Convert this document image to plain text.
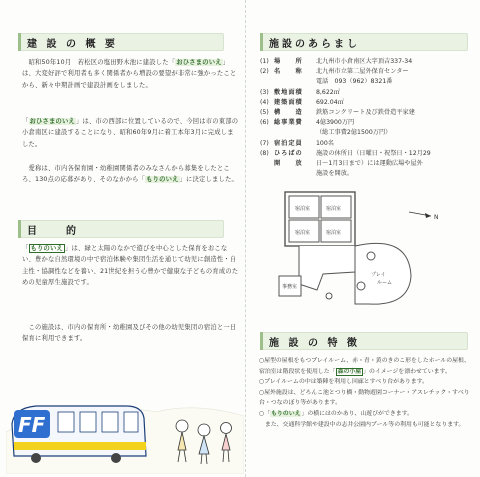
建 設 の 概 要
　昭和50年10月　若松区の塩田野木池に建設した「おひさまのいえ」は、大変好評で利用者も多く関係者から増設の要望が非常に強かったことから、新々中期計画で建設計画をしました。
「おひさまのいえ」は、市の西部に位置しているので、今回は市の東部の小倉南区に建設することになり、昭和60年9月に着工本年3月に完成しました。
　愛称は、市内各保育園・幼稚園関係者のみなさんから募集をしたところ、130点の応募があり、そのなかから「もりのいえ」に決定しました。
目　　的
「 もりのいえ 」は、緑と太陽のなかで遊びを中心とした保育をおこない、豊かな自然環境の中で宿泊体験や集団生活を通じて幼児に創造性・自主性・協調性などを養い、21世紀を担う心豊かで健康な子どもの育成のための児童厚生施設です。
　この施設は、市内の保育所・幼稚園及びその他の幼児集団の宿泊と一日保育に利用できます。
FF
施設のあらまし
(1) 場　　所	北九州市小倉南区大字頂吉337-34
(2) 名　　称	北九州市立第二屋外保育センター
電話　093（962）8321番
(3) 敷地面積	8,622㎡
(4) 建築面積	692.04㎡
(5) 構　　造	鉄筋コンクリート及び鉄骨造平家建
(6) 総事業費	4億3900万円
（総工事費2億1500万円）
(7) 宿泊定員	100名
(8) ひろばの	施設の休所日（日曜日・祝祭日・12月29
開　　放	日〜1月3日まで）には運動広場や屋外
施設を開放。
宿泊室	宿泊室
宿泊室	宿泊室
プレイ
ルーム
事務室
N
施 設 の 特 徴
○屋型の屋根をもつプレイルーム、赤・青・黄のきのこ形をしたホールの屋根、宿泊室は階段状を使用した「 森の小屋 」のイメージを漂わせています。
○プレイルームの中は築陣を利用し回廊とすべり台があります。
○屋外施設は、どろんこ池とつり橋・動物遊園コーナー・アスレチック・すべり台・つなのぼり等があります。
○「もりのいえ」の横にはのかあり、山遊びができます。
　また、交通科学館や建設中の志井公園内プール等の利用も可能となります。
